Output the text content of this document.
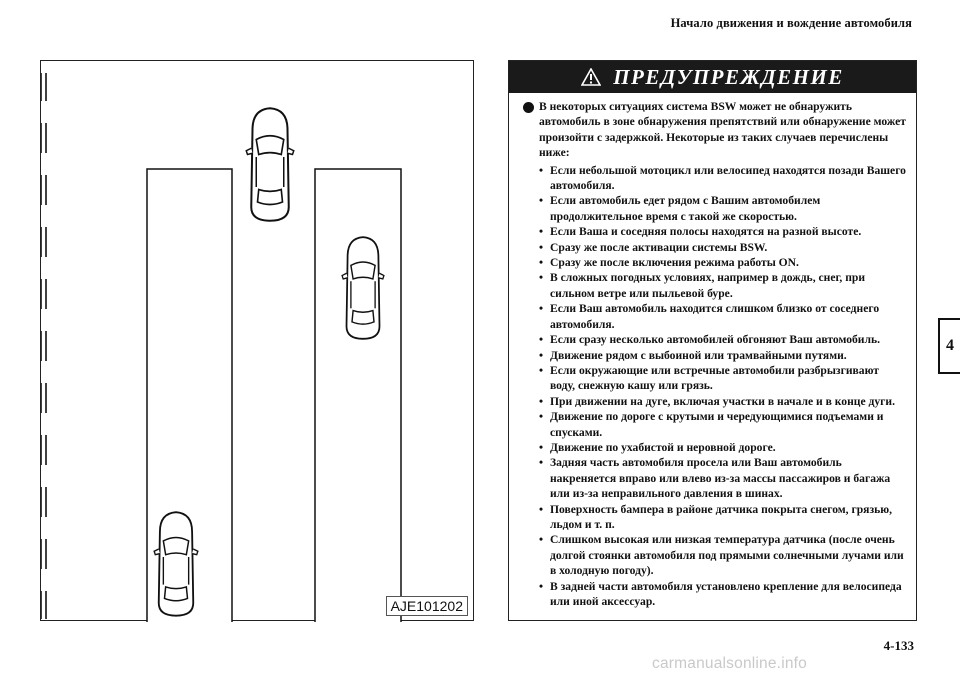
Начало движения и вождение автомобиля
4
AJE101202
ПРЕДУПРЕЖДЕНИЕ
В некоторых ситуациях система BSW может не обнаружить автомобиль в зоне обнаружения препятствий или обнаружение может произойти с задержкой. Некоторые из таких случаев перечислены ниже:
• Если небольшой мотоцикл или велосипед находятся позади Вашего автомобиля.
• Если автомобиль едет рядом с Вашим автомобилем продолжительное время с такой же скоростью.
• Если Ваша и соседняя полосы находятся на разной высоте.
• Сразу же после активации системы BSW.
• Сразу же после включения режима работы ON.
• В сложных погодных условиях, например в дождь, снег, при сильном ветре или пыльевой буре.
• Если Ваш автомобиль находится слишком близко от соседнего автомобиля.
• Если сразу несколько автомобилей обгоняют Ваш автомобиль.
• Движение рядом с выбоиной или трамвайными путями.
• Если окружающие или встречные автомобили разбрызгивают воду, снежную кашу или грязь.
• При движении на дуге, включая участки в начале и в конце дуги.
• Движение по дороге с крутыми и чередующимися подъемами и спусками.
• Движение по ухабистой и неровной дороге.
• Задняя часть автомобиля просела или Ваш автомобиль накреняется вправо или влево из-за массы пассажиров и багажа или из-за неправильного давления в шинах.
• Поверхность бампера в районе датчика покрыта снегом, грязью, льдом и т. п.
• Слишком высокая или низкая температура датчика (после очень долгой стоянки автомобиля под прямыми солнечными лучами или в холодную погоду).
• В задней части автомобиля установлено крепление для велосипеда или иной аксессуар.
4-133
carmanualsonline.info
